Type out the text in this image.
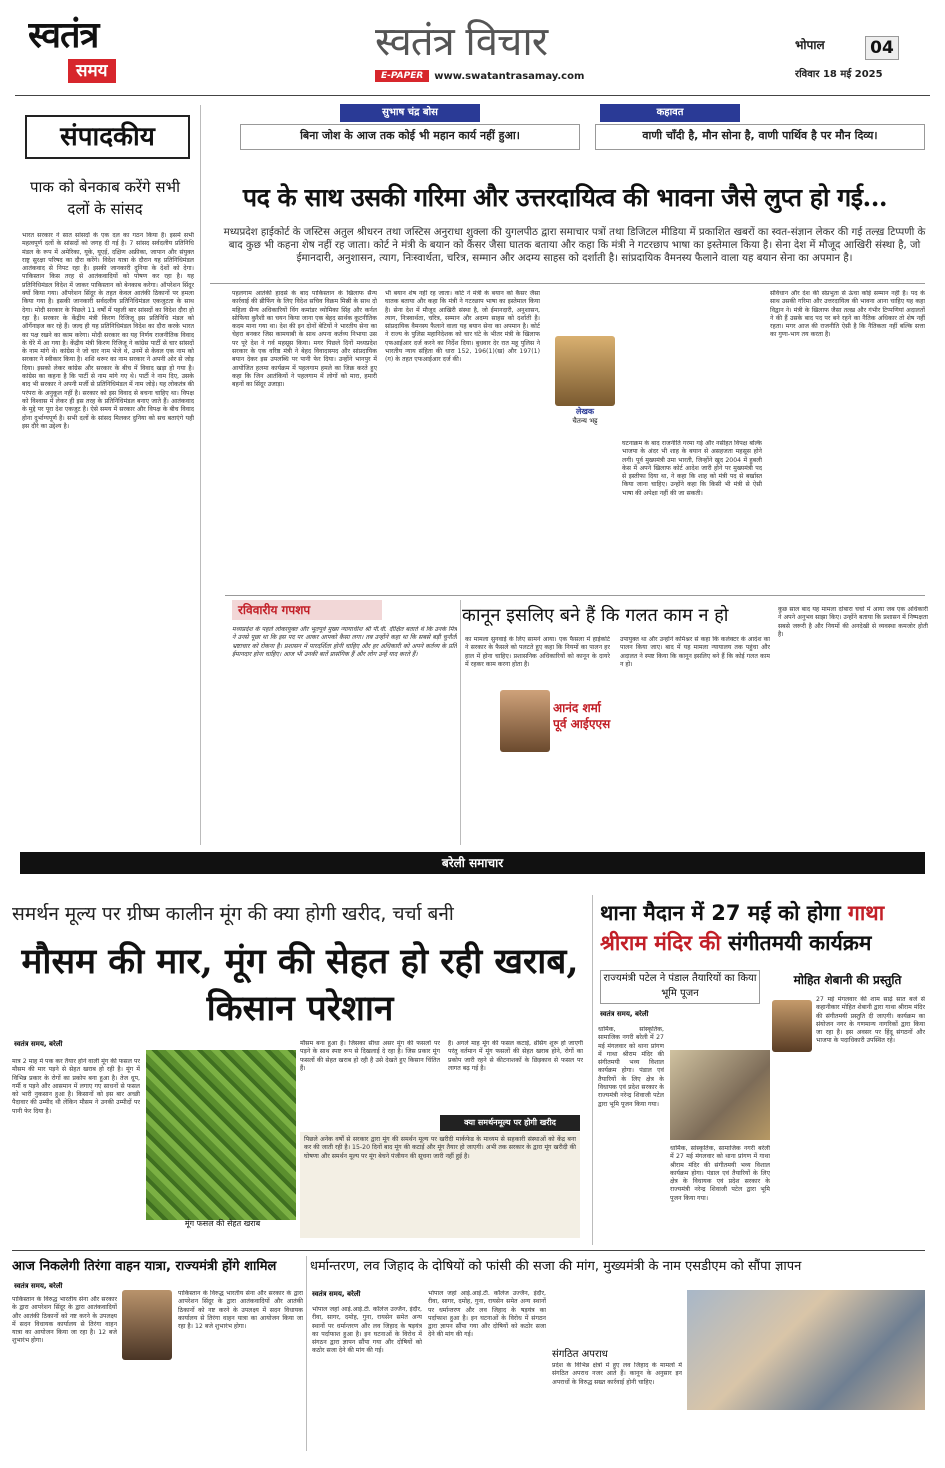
स्वतंत्र
समय
स्वतंत्र विचार
E-PAPER	www.swatantrasamay.com
भोपाल	04
रविवार 18 मई 2025
सुभाष चंद्र बोस
बिना जोश के आज तक कोई भी महान कार्य नहीं हुआ।
कहावत
वाणी चाँदी है, मौन सोना है, वाणी पार्थिव है पर मौन दिव्य।
संपादकीय
पाक को बेनकाब करेंगे सभी दलों के सांसद
भारत सरकार ने सात सांसदों के एक दल का गठन किया है। इसमें सभी महत्वपूर्ण दलों के सांसदों को जगह दी गई है। 7 सांसद सर्वदलीय प्रतिनिधि मंडल के रूप में अमेरिका, यूके, यूएई, दक्षिण अफ्रीका, जापान और संयुक्त राष्ट्र सुरक्षा परिषद का दौरा करेंगे। विदेश यात्रा के दौरान यह प्रतिनिधिमंडल आतंकवाद से निपट रहा है। इसकी जानकारी दुनिया के देशों को देगा। पाकिस्तान किस तरह से आतंकवादियों को पोषण कर रहा है। यह प्रतिनिधिमंडल विदेश में जाकर पाकिस्तान को बेनकाब करेगा। ऑपरेशन सिंदूर क्यों किया गया। ऑपरेशन सिंदूर के तहत केवल आतंकी ठिकानों पर हमला किया गया है। इसकी जानकारी सर्वदलीय प्रतिनिधिमंडल एकजुटता के साथ देगा। मोदी सरकार के पिछले 11 वर्षों में पहली बार सांसदों का विदेश दौरा हो रहा है। सरकार के केंद्रीय मंत्री किरण रिजिजू इस प्रतिनिधि मंडल को ऑर्गेनाइज कर रहे हैं। जल्द ही यह प्रतिनिधिमंडल विदेश का दौरा करके भारत का पक्ष रखने का काम करेगा। मोदी सरकार का यह निर्णय राजनीतिक विवाद के घेरे में आ गया है। केंद्रीय मंत्री किरण रिजिजू ने कांग्रेस पार्टी से चार सांसदों के नाम मांगे थे। कांग्रेस ने जो चार नाम भेजे थे, उनमें से केवल एक नाम को सरकार ने स्वीकार किया है। शशि थरूर का नाम सरकार ने अपनी ओर से जोड़ दिया। इसको लेकर कांग्रेस और सरकार के बीच में विवाद खड़ा हो गया है। कांग्रेस का कहना है कि पार्टी से नाम मांगे गए थे। पार्टी ने नाम दिए, उसके बाद भी सरकार ने अपनी मर्जी से प्रतिनिधिमंडल में नाम जोड़े। यह लोकतंत्र की परंपरा के अनुकूल नहीं है। सरकार को इस विवाद से बचना चाहिए था। विपक्ष को विश्वास में लेकर ही इस तरह के प्रतिनिधिमंडल बनाए जाते हैं। आतंकवाद के मुद्दे पर पूरा देश एकजुट है। ऐसे समय में सरकार और विपक्ष के बीच विवाद होना दुर्भाग्यपूर्ण है। सभी दलों के सांसद मिलकर दुनिया को सच बताएंगे यही इस दौरे का उद्देश्य है।
पद के साथ उसकी गरिमा और उत्तरदायित्व की भावना जैसे लुप्त हो गई...
मध्यप्रदेश हाईकोर्ट के जस्टिस अतुल श्रीधरन तथा जस्टिस अनुराधा शुक्ला की युगलपीठ द्वारा समाचार पत्रों तथा डिजिटल मीडिया में प्रकाशित खबरों का स्वत-संज्ञान लेकर की गई तल्ख़ टिप्पणी के बाद कुछ भी कहना शेष नहीं रह जाता। कोर्ट ने मंत्री के बयान को कैंसर जैसा घातक बताया और कहा कि मंत्री ने गटरछाप भाषा का इस्तेमाल किया है। सेना देश में मौजूद आखिरी संस्था है, जो ईमानदारी, अनुशासन, त्याग, निःस्वार्थता, चरित्र, सम्मान और अदम्य साहस को दर्शाती है। सांप्रदायिक वैमनस्य फैलाने वाला यह बयान सेना का अपमान है।
पहलगाम आतंकी हादसे के बाद पाकिस्तान के खिलाफ सैन्य कार्रवाई की ब्रीफिंग के लिए विदेश सचिव विक्रम मिस्री के साथ दो महिला सैन्य अधिकारियों विंग कमांडर व्योमिका सिंह और कर्नल सोफिया कुरैशी का चयन किया जाना एक बेहद सार्थक कूटनीतिक कदम माना गया था। देश की इन दोनों बेटियों ने भारतीय सेना का चेहरा बनकर जिस कामयाबी के साथ अपना कर्तव्य निभाया उस पर पूरे देश ने गर्व महसूस किया। मगर पिछले दिनों मध्यप्रदेश सरकार के एक वरिष्ठ मंत्री ने बेहद विवादास्पद और सांप्रदायिक बयान देकर इस उपलब्धि पर पानी फेर दिया। उन्होंने भानपुर में आयोजित हलमा कार्यक्रम में पहलगाम हमले का जिक्र करते हुए कहा कि जिन आतंकियों ने पहलगाम में लोगों को मारा, हमारी बहनों का सिंदूर उजाड़ा।
भी बयान शेष नहीं रह जाता। कोर्ट ने मंत्री के बयान को कैंसर जैसा घातक बताया और कहा कि मंत्री ने गटरछाप भाषा का इस्तेमाल किया है। सेना देश में मौजूद आखिरी संस्था है, जो ईमानदारी, अनुशासन, त्याग, निःस्वार्थता, चरित्र, सम्मान और अदम्य साहस को दर्शाती है। सांप्रदायिक वैमनस्य फैलाने वाला यह बयान सेना का अपमान है। कोर्ट ने राज्य के पुलिस महानिदेशक को चार घंटे के भीतर मंत्री के खिलाफ एफआईआर दर्ज करने का निर्देश दिया। बुधवार देर रात महू पुलिस ने भारतीय न्याय संहिता की धारा 152, 196(1)(ख) और 197(1)(ग) के तहत एफआईआर दर्ज की।
घटनाक्रम के बाद राजनीति गरमा गई और नसीहत विपक्ष बल्कि भाजपा के अंदर भी शाह के बयान से असहजता महसूस होने लगी। पूर्व मुख्यमंत्री उमा भारती, जिन्होंने खुद 2004 में हुबली केस में अपने खिलाफ कोर्ट आदेश जारी होने पर मुख्यमंत्री पद से इस्तीफा दिया था, ने कहा कि शाह को मंत्री पद से बर्खास्त किया जाना चाहिए। उन्होंने कहा कि किसी भी मंत्री से ऐसी भाषा की अपेक्षा नहीं की जा सकती।
संविधान और देश की संप्रभुता से ऊंचा कोई सम्मान नहीं है। पद के साथ उसकी गरिमा और उत्तरदायित्व की भावना आना चाहिए यह कहा विद्वान ने। मंत्री के खिलाफ जैसा तल्ख़ और गंभीर टिप्पणियां अदालतों ने की हैं उसके बाद पद पर बने रहने का नैतिक अधिकार तो शेष नहीं रहता। मगर आज की राजनीति ऐसी है कि नैतिकता नहीं बल्कि सत्ता का गुणा-भाग तय करता है।
लेखक
चैतन्य भट्ट
रविवारीय गपशप
मध्यप्रदेश के पहले लोकायुक्त और भूतपूर्व मुख्य न्यायाधीश श्री पी.वी. दीक्षित बताते थे कि उनके मित्र ने उनसे पूछा था कि इस पद पर आकर आपको कैसा लगा। तब उन्होंने कहा था कि सबसे बड़ी चुनौती भ्रष्टाचार को रोकना है। प्रशासन में पारदर्शिता होनी चाहिए और हर अधिकारी को अपने कर्तव्य के प्रति ईमानदार होना चाहिए। आज भी उनकी बातें प्रासंगिक हैं और लोग उन्हें याद करते हैं।
कानून इसलिए बने हैं कि गलत काम न हो
का मामला सुनवाई के लिए सामने आया। एक फैसला में हाईकोर्ट ने सरकार के फैसले को पलटते हुए कहा कि नियमों का पालन हर हाल में होना चाहिए। प्रशासनिक अधिकारियों को कानून के दायरे में रहकर काम करना होता है।
आनंद शर्मा
पूर्व आईएएस
उपायुक्त था और उन्होंने कमिश्नर से कहा कि कलेक्टर के आदेश का पालन किया जाए। बाद में यह मामला न्यायालय तक पहुंचा और अदालत ने स्पष्ट किया कि कानून इसलिए बने हैं कि कोई गलत काम न हो।
कुछ साल बाद यह मामला दोबारा चर्चा में आया जब एक अधिकारी ने अपने अनुभव साझा किए। उन्होंने बताया कि प्रशासन में निष्पक्षता सबसे जरूरी है और नियमों की अनदेखी से व्यवस्था कमजोर होती है।
बरेली समाचार
समर्थन मूल्य पर ग्रीष्म कालीन मूंग की क्या होगी खरीद, चर्चा बनी
मौसम की मार, मूंग की सेहत हो रही खराब, किसान परेशान
स्वतंत्र समय, बरेली
मात्र 2 माह में पक कर तैयार होने वाली मूंग की फसल पर मौसम की मार पड़ने से सेहत खराब हो रही है। मूंग में विभिन्न प्रकार के रोगों का प्रकोप बना हुआ है। तेज धूप, गर्मी व पड़ने और आसमान में लगाए गए साधनों से फसल को भारी नुकसान हुआ है। किसानों को इस बार अच्छी पैदावार की उम्मीद थी लेकिन मौसम ने उनकी उम्मीदों पर पानी फेर दिया है।
मूंग फसल की सेहत खराब
मौसम बना हुआ है। जिसका सीधा असर मूंग की फसलों पर पड़ने के साथ स्पष्ट रूप से दिखलाई दे रहा है। जिस प्रकार मूंग फसलों की सेहत खराब हो रही है उसे देखते हुए किसान चिंतित हैं।
है। अगले माह मूंग की फसल कटाई, थ्रेसिंग शुरू हो जाएगी परंतु वर्तमान में मूंग फसलों की सेहत खराब होने, रोगों का प्रकोप जारी रहने से कीटनाशकों के छिड़काव से फसल पर लागत बढ़ गई है।
क्या समर्थनमूल्य पर होगी खरीद
पिछले अनेक वर्षों से सरकार द्वारा मूंग की समर्थन मूल्य पर खरीदी मार्कफेड के माध्यम से सहकारी संस्थाओं को केंद्र बना कर की जाती रही है। 15-20 दिनों बाद मूंग की कटाई और मूंग तैयार हो जाएगी। अभी तक सरकार के द्वारा मूंग खरीदी की घोषणा और समर्थन मूल्य पर मूंग बेचने पंजीयन की सूचना जारी नहीं हुई है।
थाना मैदान में 27 मई को होगा गाथा
श्रीराम मंदिर की संगीतमयी कार्यक्रम
राज्यमंत्री पटेल ने पंडाल तैयारियों का किया भूमि पूजन
मोहित शेबानी की प्रस्तुति
स्वतंत्र समय, बरेली
धार्मिक, सांस्कृतिक, सामाजिक नगरी बरेली में 27 मई मंगलवार को थाना प्रांगण में गाथा श्रीराम मंदिर की संगीतमयी भव्य विशाल कार्यक्रम होगा। पंडाल एवं तैयारियों के लिए क्षेत्र के विधायक एवं प्रदेश सरकार के राज्यमंत्री नरेन्द्र शिवाजी पटेल द्वारा भूमि पूजन किया गया।
धार्मिक, सांस्कृतिक, सामाजिक नगरी बरेली में 27 मई मंगलवार को थाना प्रांगण में गाथा श्रीराम मंदिर की संगीतमयी भव्य विशाल कार्यक्रम होगा। पंडाल एवं तैयारियों के लिए क्षेत्र के विधायक एवं प्रदेश सरकार के राज्यमंत्री नरेन्द्र शिवाजी पटेल द्वारा भूमि पूजन किया गया।
27 मई मंगलवार की शाम साढ़े सात बजे से कहानीकार मोहित शेबानी द्वारा गाथा श्रीराम मंदिर की संगीतमयी प्रस्तुति दी जाएगी। कार्यक्रम का संयोजन नगर के गणमान्य नागरिकों द्वारा किया जा रहा है। इस अवसर पर हिंदू संगठनों और भाजपा के पदाधिकारी उपस्थित रहे।
आज निकलेगी तिरंगा वाहन यात्रा, राज्यमंत्री होंगे शामिल
स्वतंत्र समय, बरेली
पाकिस्तान के विरुद्ध भारतीय सेना और सरकार के द्वारा आपरेशन सिंदूर के द्वारा आतंकवादियों और आतंकी ठिकानों को नष्ट करने के उपलक्ष्य में सदन विधायक कार्यालय से तिरंगा वाहन यात्रा का आयोजन किया जा रहा है। 12 बजे शुभारंभ होगा।
पाकिस्तान के विरुद्ध भारतीय सेना और सरकार के द्वारा आपरेशन सिंदूर के द्वारा आतंकवादियों और आतंकी ठिकानों को नष्ट करने के उपलक्ष्य में सदन विधायक कार्यालय से तिरंगा वाहन यात्रा का आयोजन किया जा रहा है। 12 बजे शुभारंभ होगा।
धर्मान्तरण, लव जिहाद के दोषियों को फांसी की सजा की मांग, मुख्यमंत्री के नाम एसडीएम को सौंपा ज्ञापन
स्वतंत्र समय, बरेली
भोपाल जहां आई.आई.टी. कॉलेज उज्जैन, इंदौर, रीवा, सागर, दमोह, गुना, रायसेन समेत अन्य स्थानों पर धर्मान्तरण और लव जिहाद के षड़यंत्र का पर्दाफाश हुआ है। इन घटनाओं के विरोध में संगठन द्वारा ज्ञापन सौंपा गया और दोषियों को कठोर सजा देने की मांग की गई।
भोपाल जहां आई.आई.टी. कॉलेज उज्जैन, इंदौर, रीवा, सागर, दमोह, गुना, रायसेन समेत अन्य स्थानों पर धर्मान्तरण और लव जिहाद के षड़यंत्र का पर्दाफाश हुआ है। इन घटनाओं के विरोध में संगठन द्वारा ज्ञापन सौंपा गया और दोषियों को कठोर सजा देने की मांग की गई।
संगठित अपराध
प्रदेश के विभिन्न क्षेत्रों में हुए लव जिहाद के मामलों में संगठित अपराध नजर आते हैं। कानून के अनुसार इन अपराधों के विरुद्ध सख्त कार्रवाई होनी चाहिए।
